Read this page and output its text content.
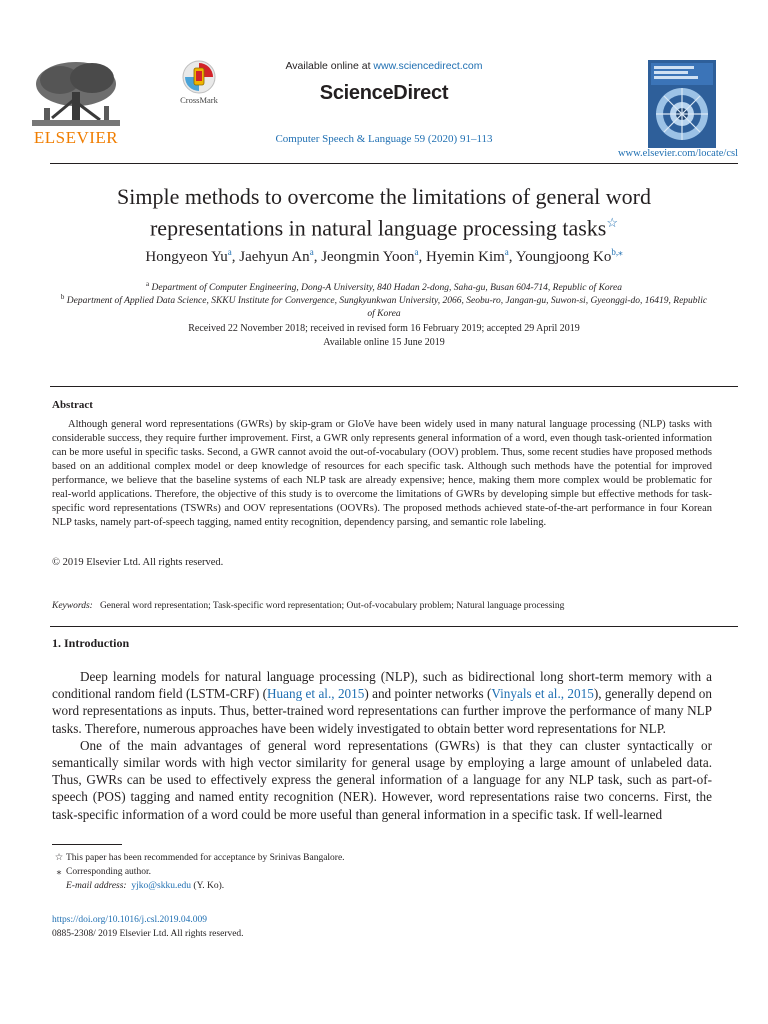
ELSEVIER
CrossMark
Available online at www.sciencedirect.com
ScienceDirect
Computer Speech & Language 59 (2020) 91–113
www.elsevier.com/locate/csl
Simple methods to overcome the limitations of general word representations in natural language processing tasks☆
Hongyeon Yu$^a$, Jaehyun An$^a$, Jeongmin Yoon$^a$, Hyemin Kim$^a$, Youngjoong $Ko^{b,⁎}$
$^a$ Department of Computer Engineering, Dong-A University, 840 Hadan 2-dong, Saha-gu, Busan 604-714, Republic of Korea
$^b$ Department of Applied Data Science, SKKU Institute for Convergence, Sungkyunkwan University, 2066, Seobu-ro, Jangan-gu, Suwon-si, Gyeonggi-do, 16419, Republic of Korea
Received 22 November 2018; received in revised form 16 February 2019; accepted 29 April 2019
Available online 15 June 2019
Abstract
Although general word representations (GWRs) by skip-gram or GloVe have been widely used in many natural language processing (NLP) tasks with considerable success, they require further improvement. First, a GWR only represents general information of a word, even though task-oriented information can be more useful in specific tasks. Second, a GWR cannot avoid the out-of-vocabulary (OOV) problem. Thus, some recent studies have proposed methods based on an additional complex model or deep knowledge of resources for each specific task. Although such methods have the potential for improved performance, we believe that the baseline systems of each NLP task are already expensive; hence, making them more complex would be problematic for real-world applications. Therefore, the objective of this study is to overcome the limitations of GWRs by developing simple but effective methods for task-specific word representations (TSWRs) and OOV representations (OOVRs). The proposed methods achieved state-of-the-art performance in four Korean NLP tasks, namely part-of-speech tagging, named entity recognition, dependency parsing, and semantic role labeling.
© 2019 Elsevier Ltd. All rights reserved.
Keywords: General word representation; Task-specific word representation; Out-of-vocabulary problem; Natural language processing
1. Introduction

Deep learning models for natural language processing (NLP), such as bidirectional long short-term memory with a conditional random field (LSTM-CRF) (Huang et al., 2015) and pointer networks (Vinyals et al., 2015), generally depend on word representations as inputs. Thus, better-trained word representations can further improve the performance of many NLP tasks. Therefore, numerous approaches have been widely investigated to obtain better word representations for NLP.

One of the main advantages of general word representations (GWRs) is that they can cluster syntactically or semantically similar words with high vector similarity for general usage by employing a large amount of unlabeled data. Thus, GWRs can be used to effectively express the general information of a language for any NLP task, such as part-of-speech (POS) tagging and named entity recognition (NER). However, word representations raise two concerns. First, the task-specific information of a word could be more useful than general information in a specific task. If well-learned

☆ This paper has been recommended for acceptance by Srinivas Bangalore.
⁎ Corresponding author.
E-mail address: yjko@skku.edu (Y. Ko).
https://doi.org/10.1016/j.csl.2019.04.009
0885-2308/ 2019 Elsevier Ltd. All rights reserved.
